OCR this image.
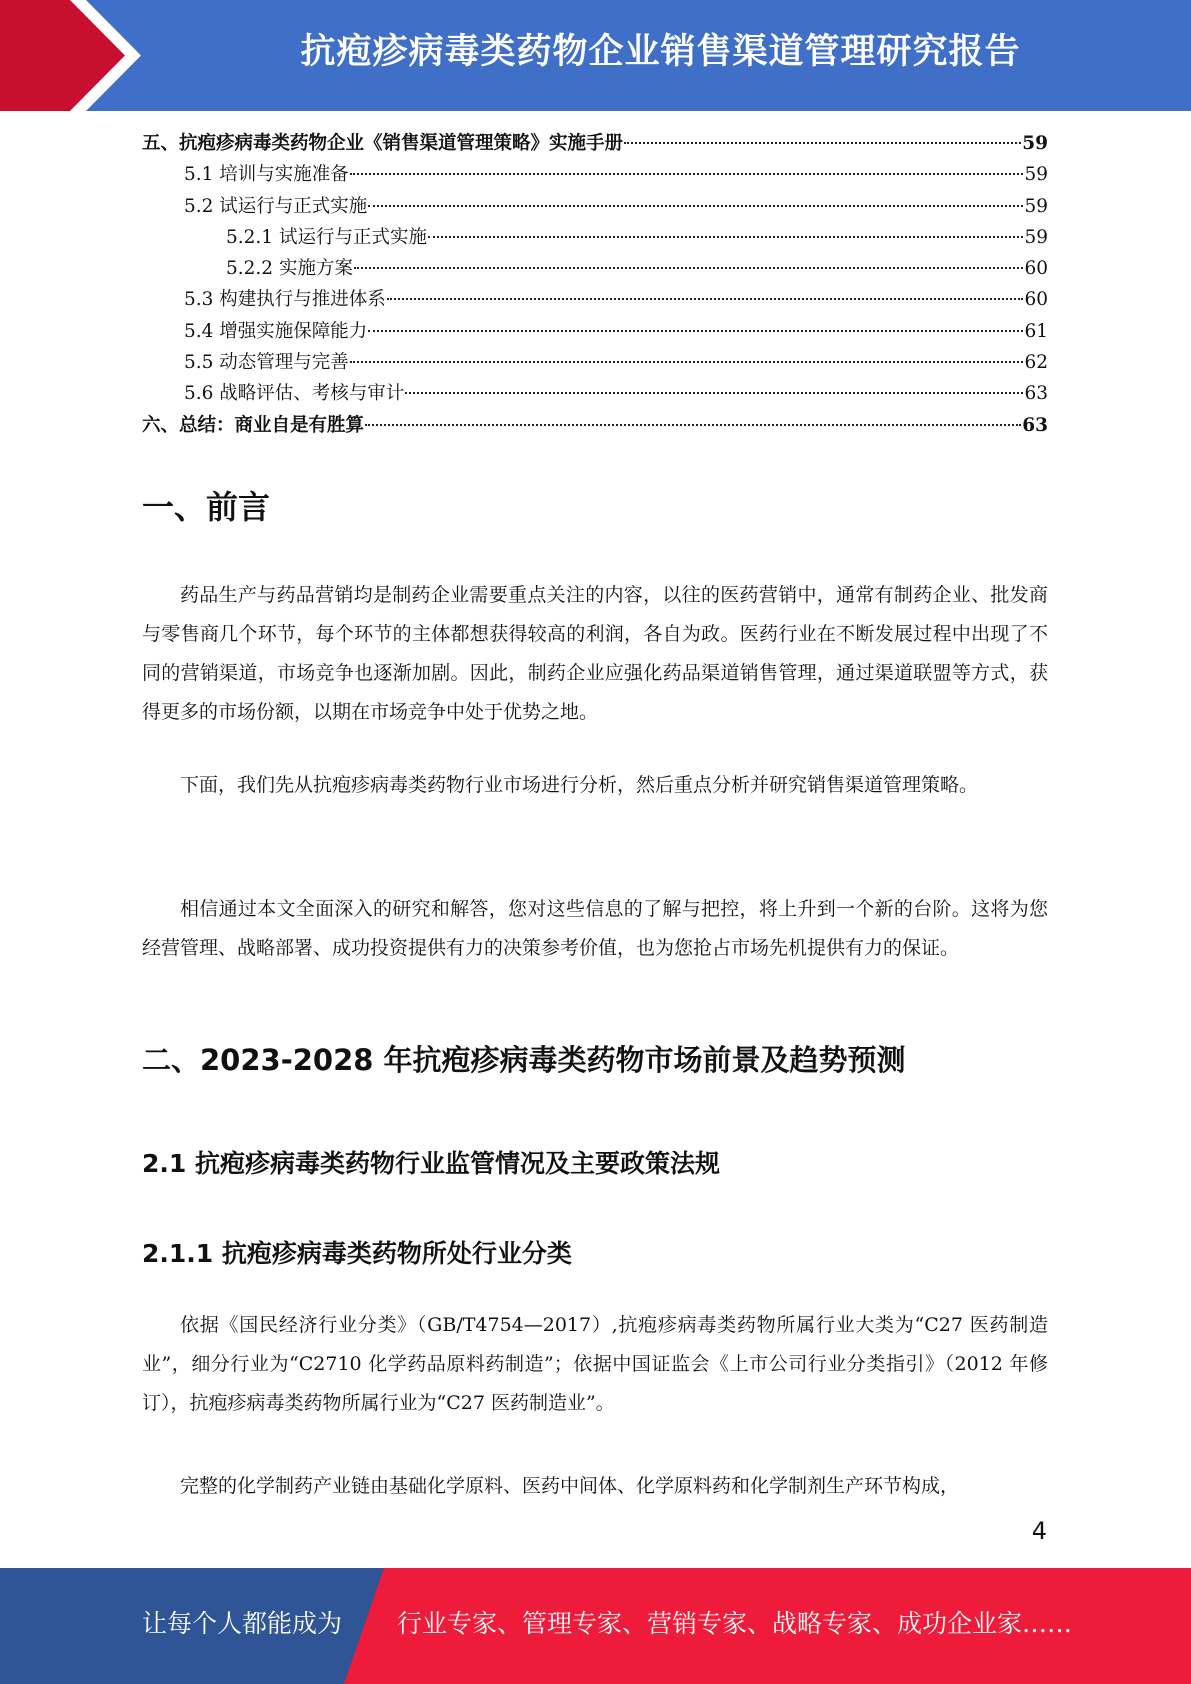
抗疱疹病毒类药物企业销售渠道管理研究报告
五、抗疱疹病毒类药物企业《销售渠道管理策略》实施手册	59
5.1 培训与实施准备	59
5.2 试运行与正式实施	59
5.2.1 试运行与正式实施	59
5.2.2 实施方案	60
5.3 构建执行与推进体系	60
5.4 增强实施保障能力	61
5.5 动态管理与完善	62
5.6 战略评估、考核与审计	63
六、总结：商业自是有胜算	63
一、前言

药品生产与药品营销均是制药企业需要重点关注的内容，以往的医药营销中，通常有制药企业、批发商与零售商几个环节，每个环节的主体都想获得较高的利润，各自为政。医药行业在不断发展过程中出现了不同的营销渠道，市场竞争也逐渐加剧。因此，制药企业应强化药品渠道销售管理，通过渠道联盟等方式，获得更多的市场份额，以期在市场竞争中处于优势之地。

下面，我们先从抗疱疹病毒类药物行业市场进行分析，然后重点分析并研究销售渠道管理策略。

相信通过本文全面深入的研究和解答，您对这些信息的了解与把控，将上升到一个新的台阶。这将为您经营管理、战略部署、成功投资提供有力的决策参考价值，也为您抢占市场先机提供有力的保证。

二、2023-2028 年抗疱疹病毒类药物市场前景及趋势预测
2.1 抗疱疹病毒类药物行业监管情况及主要政策法规
2.1.1 抗疱疹病毒类药物所处行业分类

依据《国民经济行业分类》（GB/T4754—2017）,抗疱疹病毒类药物所属行业大类为“C27 医药制造业”，细分行业为“C2710 化学药品原料药制造”；依据中国证监会《上市公司行业分类指引》（2012 年修订），抗疱疹病毒类药物所属行业为“C27 医药制造业”。

完整的化学制药产业链由基础化学原料、医药中间体、化学原料药和化学制剂生产环节构成，

4
让每个人都能成为 行业专家、管理专家、营销专家、战略专家、成功企业家……
